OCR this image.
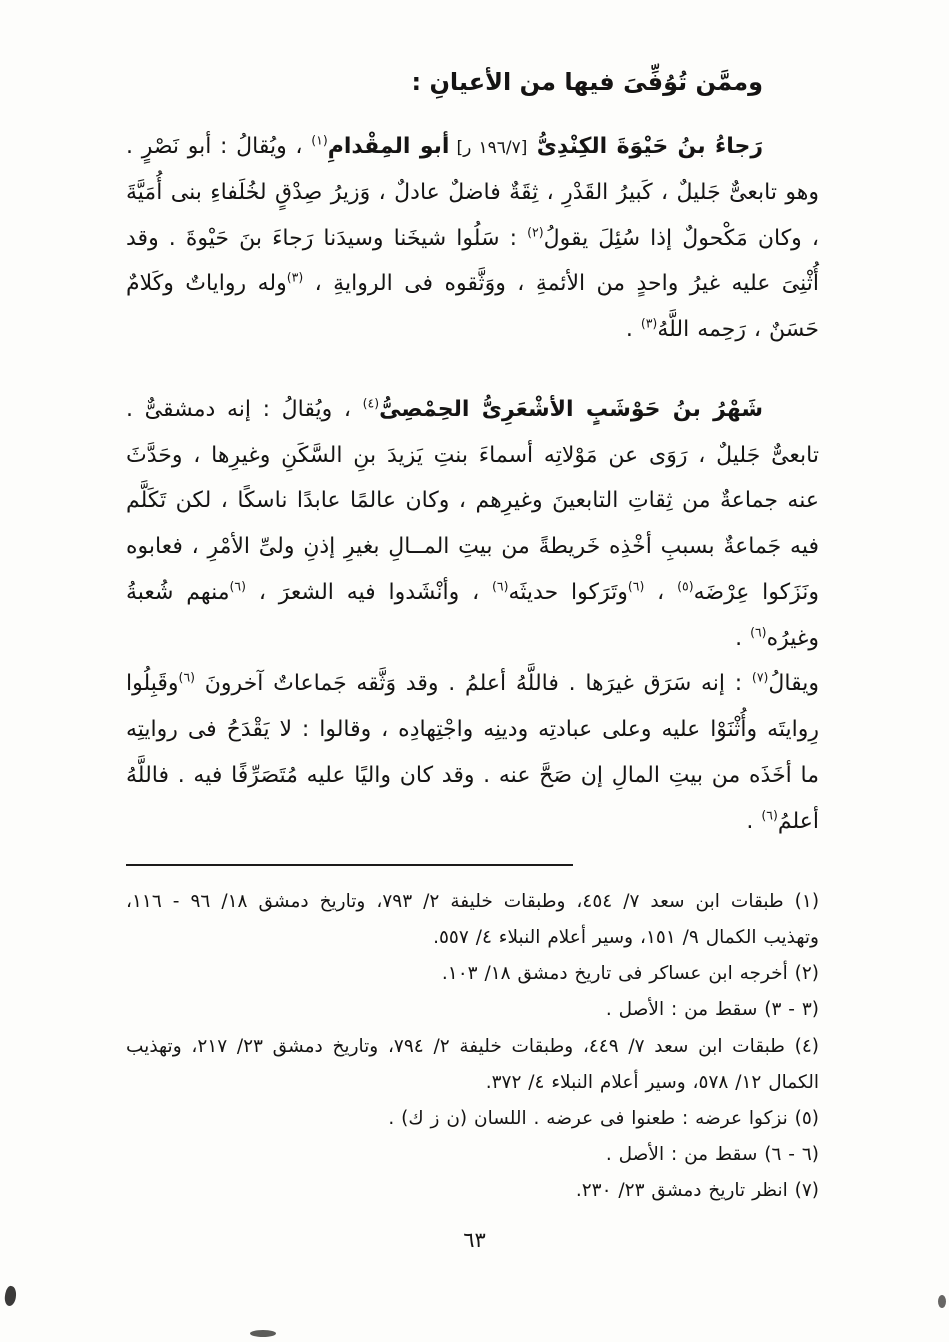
وممَّن تُوُفِّىَ فيها من الأعيانِ :

رَجاءُ بنُ حَيْوَةَ الكِنْدِىُّ [١٩٦/٧ ر] أبو المِقْدامِ$^{(١)}$ ، ويُقالُ : أبو نَصْرٍ . وهو تابعىٌّ جَليلٌ ، كَبيرُ القَدْرِ ، ثِقَةٌ فاضلٌ عادلٌ ، وَزيرُ صِدْقٍ لخُلَفاءِ بنى أُمَيَّةَ ، وكان مَكْحولٌ إذا سُئِلَ يقولُ$^{(٢)}$ : سَلُوا شيخَنا وسيدَنا رَجاءَ بنَ حَيْوةَ . وقد أُثْنِىَ عليه غيرُ واحدٍ من الأئمةِ ، ووَثَّقوه فى الروايةِ ، $^{(٣)}$وله رواياتٌ وكَلامٌ حَسَنٌ ، رَحِمه اللَّهُ$^{(٣)}$ .

شَهْرُ بنُ حَوْشَبٍ الأشْعَرِىُّ الحِمْصِىُّ$^{(٤)}$ ، ويُقالُ : إنه دمشقىٌّ . تابعىٌّ جَليلٌ ، رَوَى عن مَوْلاتِه أسماءَ بنتِ يَزيدَ بنِ السَّكَنِ وغيرِها ، وحَدَّثَ عنه جماعةٌ من ثِقاتِ التابعينَ وغيرِهم ، وكان عالمًا عابدًا ناسكًا ، لكن تَكَلَّم فيه جَماعةٌ بسببِ أخْذِه خَريطةً من بيتِ المــالِ بغيرِ إذنِ ولىِّ الأمْرِ ، فعابوه ونَزَكوا عِرْضَه$^{(٥)}$ ، $^{(٦)}$وتَرَكوا حديثَه$^{(٦)}$ ، وأنْشَدوا فيه الشعرَ ، $^{(٦)}$منهم شُعبةُ وغيرُه$^{(٦)}$ .

ويقالُ$^{(٧)}$ : إنه سَرَق غيرَها . فاللَّهُ أعلمُ . وقد وَثَّقه جَماعاتٌ آخرونَ $^{(٦)}$وقَبِلُوا رِوايتَه وأُثْنَوْا عليه وعلى عبادتِه ودينِه واجْتِهادِه ، وقالوا : لا يَقْدَحُ فى روايتِه ما أخَذَه من بيتِ المالِ إن صَحَّ عنه . وقد كان واليًا عليه مُتَصَرِّفًا فيه . فاللَّهُ أعلمُ$^{(٦)}$ .

(١) طبقات ابن سعد ٧/ ٤٥٤، وطبقات خليفة ٢/ ٧٩٣، وتاريخ دمشق ١٨/ ٩٦ - ١١٦، وتهذيب الكمال ٩/ ١٥١، وسير أعلام النبلاء ٤/ ٥٥٧.

(٢) أخرجه ابن عساكر فى تاريخ دمشق ١٨/ ١٠٣.

(٣ - ٣) سقط من : الأصل .

(٤) طبقات ابن سعد ٧/ ٤٤٩، وطبقات خليفة ٢/ ٧٩٤، وتاريخ دمشق ٢٣/ ٢١٧، وتهذيب الكمال ١٢/ ٥٧٨، وسير أعلام النبلاء ٤/ ٣٧٢.

(٥) نزكوا عرضه : طعنوا فى عرضه . اللسان (ن ز ك) .

(٦ - ٦) سقط من : الأصل .

(٧) انظر تاريخ دمشق ٢٣/ ٢٣٠.

٦٣
